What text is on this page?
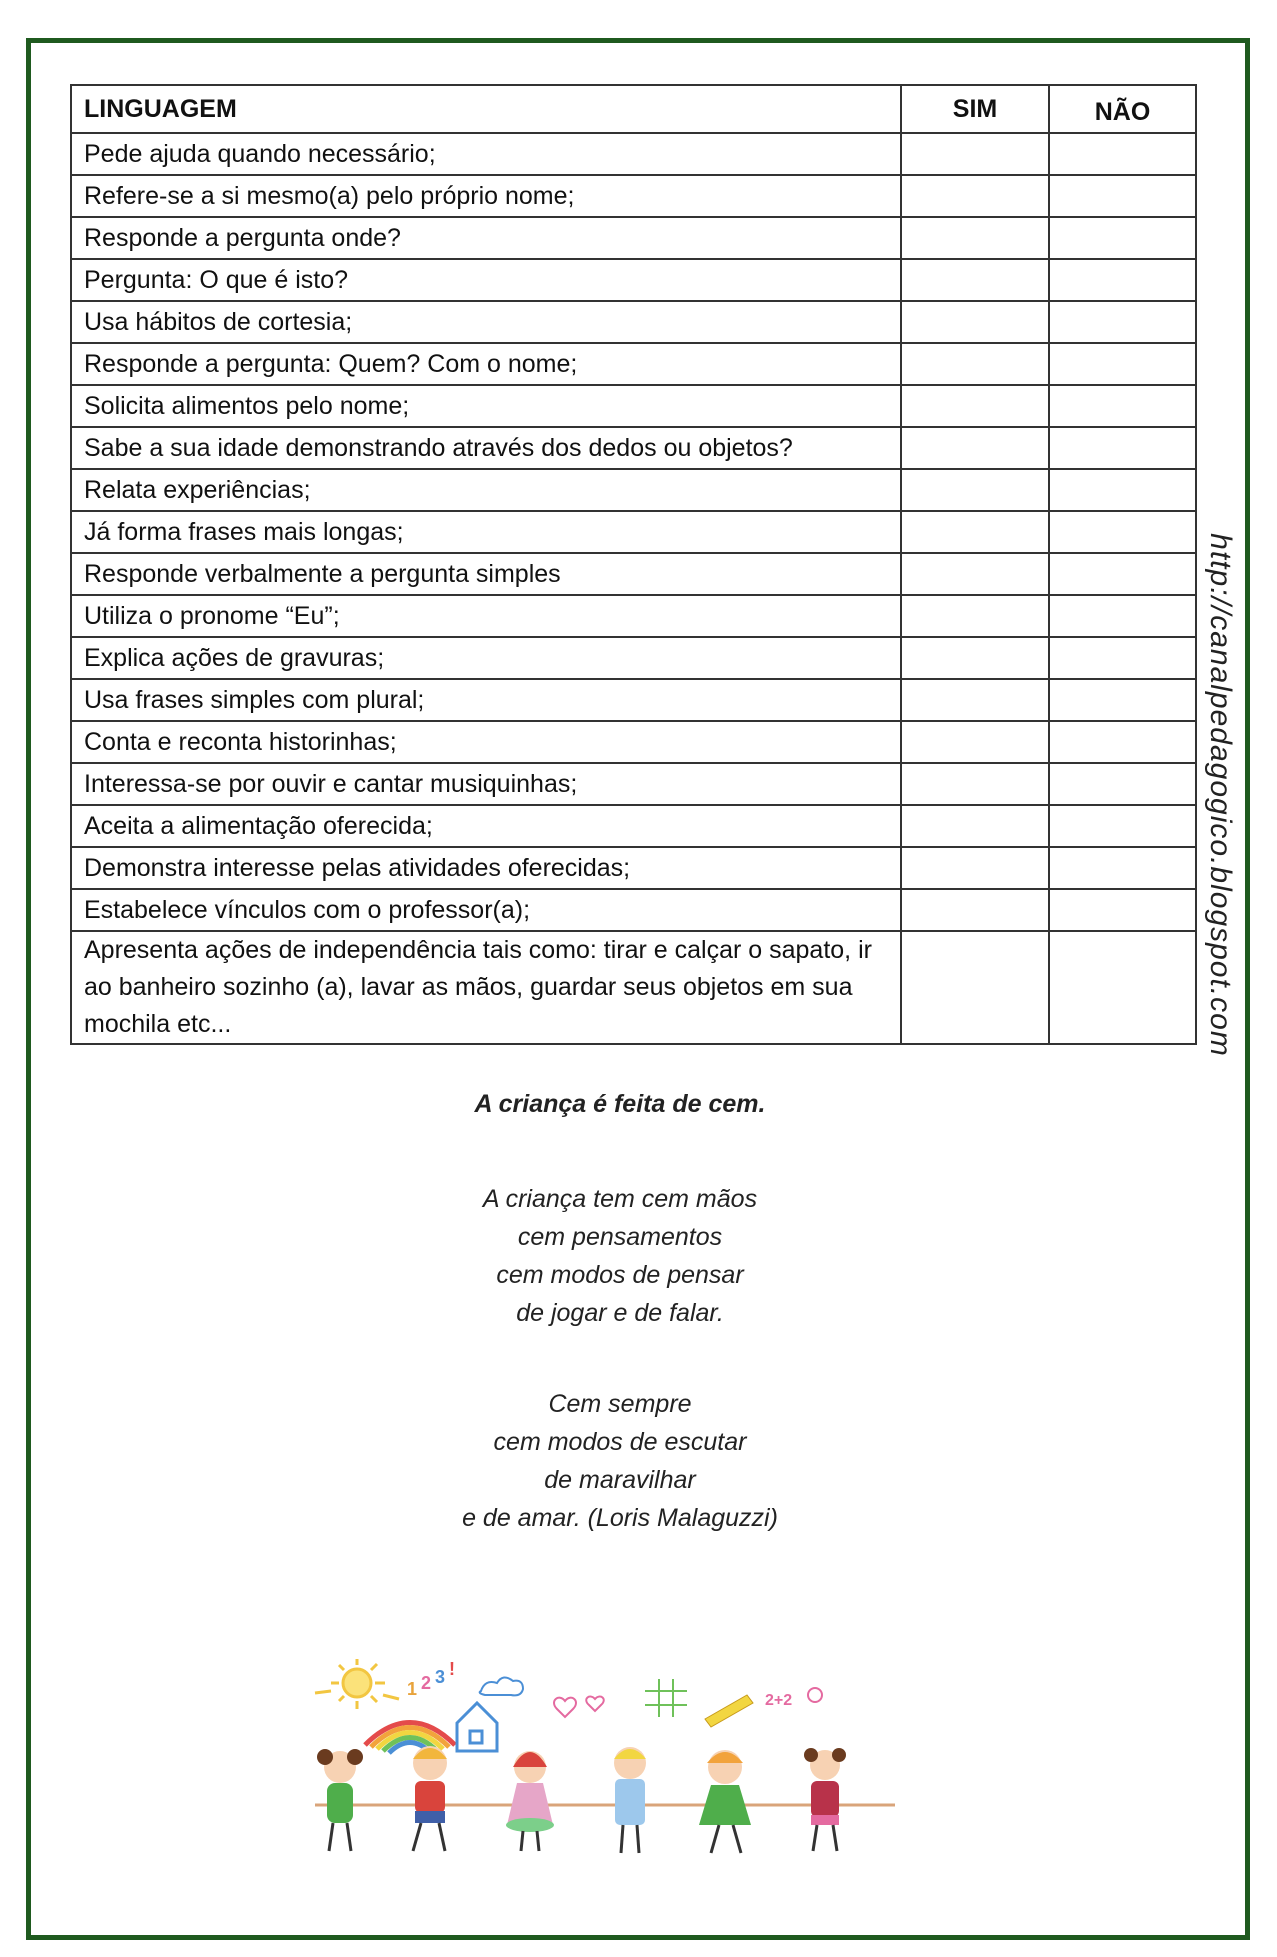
LINGUAGEM	SIM	NÃO
Pede ajuda quando necessário;		
Refere-se a si mesmo(a) pelo próprio nome;		
Responde a pergunta onde?		
Pergunta: O que é isto?		
Usa hábitos de cortesia;		
Responde a pergunta: Quem? Com o nome;		
Solicita alimentos pelo nome;		
Sabe a sua idade demonstrando através dos dedos ou objetos?		
Relata experiências;		
Já forma frases mais longas;		
Responde verbalmente a pergunta simples		
Utiliza o pronome “Eu”;		
Explica ações de gravuras;		
Usa frases simples com plural;		
Conta e reconta historinhas;		
Interessa-se por ouvir e cantar musiquinhas;		
Aceita a alimentação oferecida;		
Demonstra interesse pelas atividades oferecidas;		
Estabelece vínculos com o professor(a);		
Apresenta ações de independência tais como: tirar e calçar o sapato, ir ao banheiro sozinho (a), lavar as mãos, guardar seus objetos em sua mochila etc...			http://canalpedagogico.blogspot.com
A criança é feita de cem.

A criança tem cem mãos

cem pensamentos

cem modos de pensar

de jogar e de falar.

Cem sempre

cem modos de escutar

de maravilhar

e de amar. (Loris Malaguzzi)

1 2 3 !
2+2
